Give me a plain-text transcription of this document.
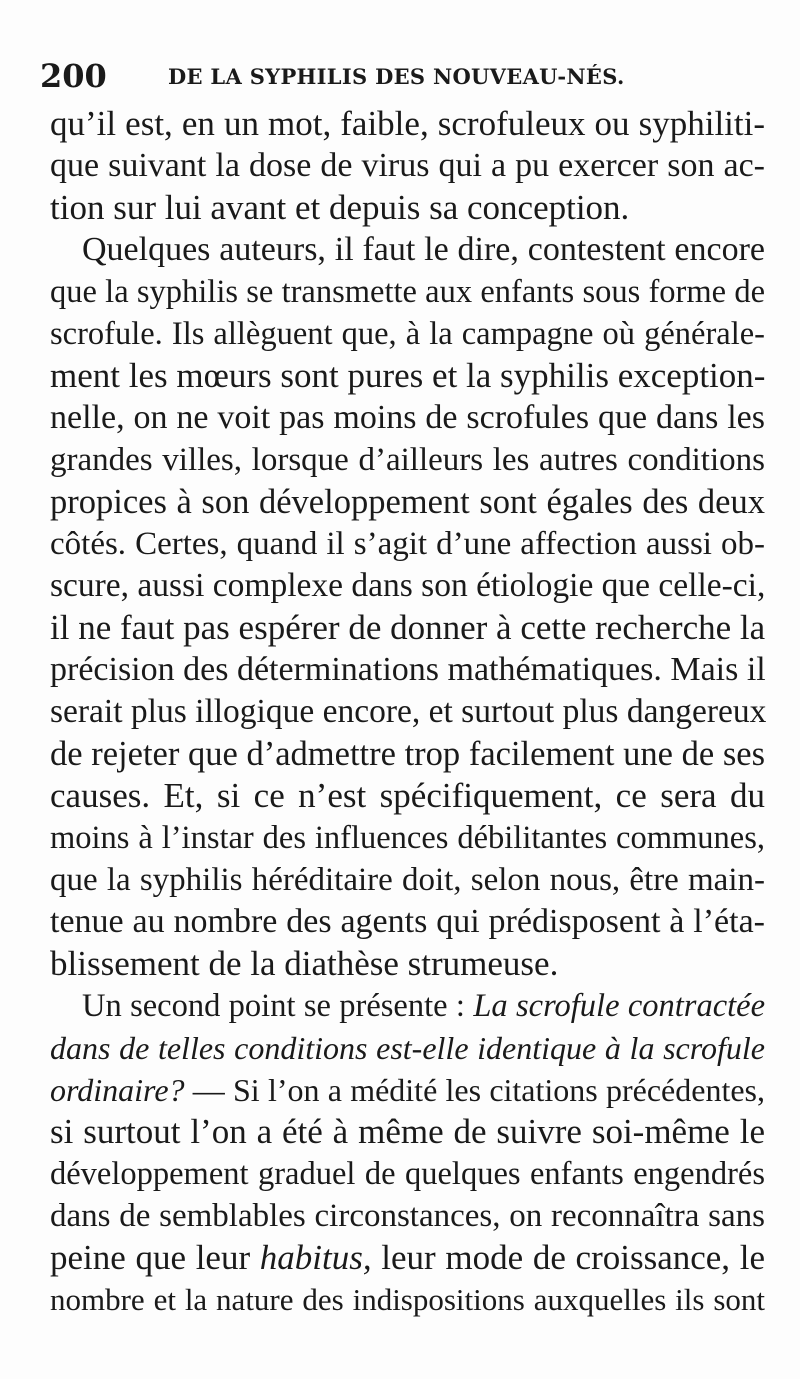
200	DE LA SYPHILIS DES NOUVEAU-NÉS.
qu’il est, en un mot, faible, scrofuleux ou syphiliti-
que suivant la dose de virus qui a pu exercer son ac-
tion sur lui avant et depuis sa conception.
Quelques auteurs, il faut le dire, contestent encore
que la syphilis se transmette aux enfants sous forme de
scrofule. Ils allèguent que, à la campagne où générale-
ment les mœurs sont pures et la syphilis exception-
nelle, on ne voit pas moins de scrofules que dans les
grandes villes, lorsque d’ailleurs les autres conditions
propices à son développement sont égales des deux
côtés. Certes, quand il s’agit d’une affection aussi ob-
scure, aussi complexe dans son étiologie que celle-ci,
il ne faut pas espérer de donner à cette recherche la
précision des déterminations mathématiques. Mais il
serait plus illogique encore, et surtout plus dangereux
de rejeter que d’admettre trop facilement une de ses
causes. Et, si ce n’est spécifiquement, ce sera du
moins à l’instar des influences débilitantes communes,
que la syphilis héréditaire doit, selon nous, être main-
tenue au nombre des agents qui prédisposent à l’éta-
blissement de la diathèse strumeuse.
Un second point se présente : La scrofule contractée
dans de telles conditions est-elle identique à la scrofule
ordinaire? — Si l’on a médité les citations précédentes,
si surtout l’on a été à même de suivre soi-même le
développement graduel de quelques enfants engendrés
dans de semblables circonstances, on reconnaîtra sans
peine que leur habitus, leur mode de croissance, le
nombre et la nature des indispositions auxquelles ils sont
